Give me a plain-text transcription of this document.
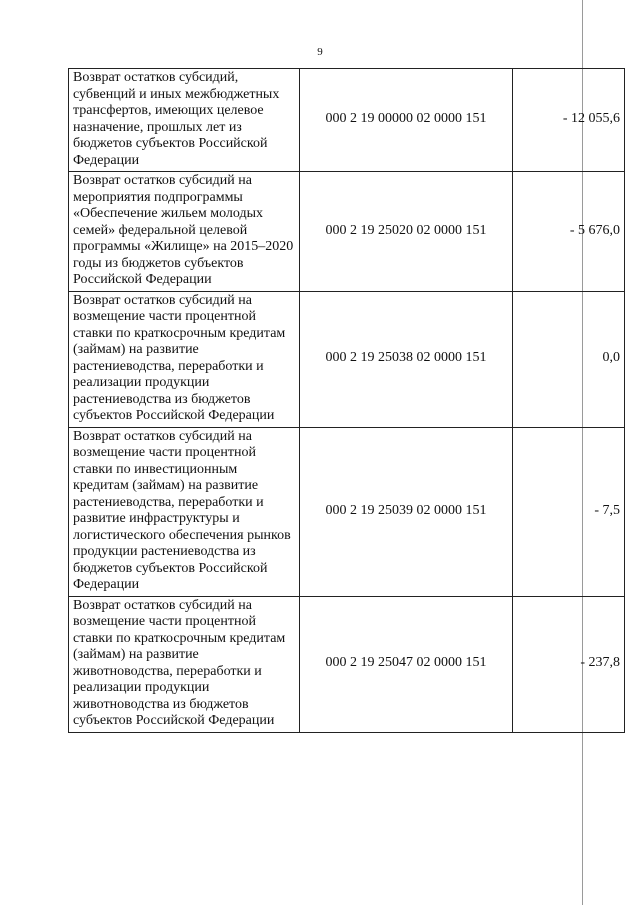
9
Возврат остатков субсидий, субвенций и иных межбюджетных трансфертов, имеющих целевое назначение, прошлых лет из бюджетов субъектов Российской Федерации	000 2 19 00000 02 0000 151	- 12 055,6
Возврат остатков субсидий на мероприятия подпрограммы «Обеспечение жильем молодых семей» федеральной целевой программы «Жилище» на 2015–2020 годы из бюджетов субъектов Российской Федерации	000 2 19 25020 02 0000 151	- 5 676,0
Возврат остатков субсидий на возмещение части процентной ставки по краткосрочным кредитам (займам) на развитие растениеводства, переработки и реализации продукции растениеводства из бюджетов субъектов Российской Федерации	000 2 19 25038 02 0000 151	0,0
Возврат остатков субсидий на возмещение части процентной ставки по инвестиционным кредитам (займам) на развитие растениеводства, переработки и развитие инфраструктуры и логистического обеспечения рынков продукции растениеводства из бюджетов субъектов Российской Федерации	000 2 19 25039 02 0000 151	- 7,5
Возврат остатков субсидий на возмещение части процентной ставки по краткосрочным кредитам (займам) на развитие животноводства, переработки и реализации продукции животноводства из бюджетов субъектов Российской Федерации	000 2 19 25047 02 0000 151	- 237,8
